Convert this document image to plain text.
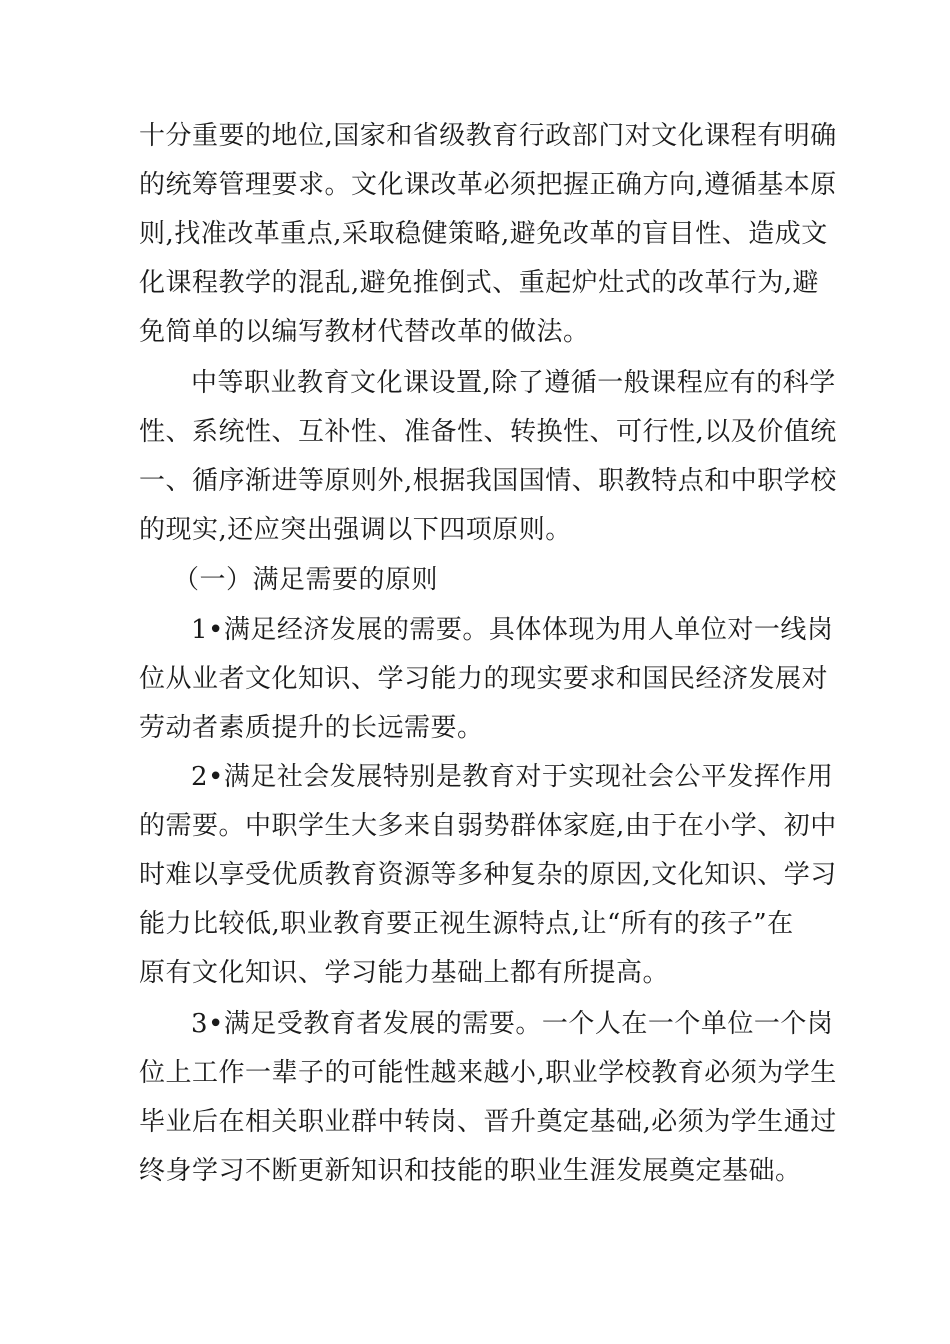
十分重要的地位,国家和省级教育行政部门对文化课程有明确
的统筹管理要求。文化课改革必须把握正确方向,遵循基本原
则,找准改革重点,采取稳健策略,避免改革的盲目性、造成文
化课程教学的混乱,避免推倒式、重起炉灶式的改革行为,避
免简单的以编写教材代替改革的做法。
中等职业教育文化课设置,除了遵循一般课程应有的科学
性、系统性、互补性、准备性、转换性、可行性,以及价值统
一、循序渐进等原则外,根据我国国情、职教特点和中职学校
的现实,还应突出强调以下四项原则。
（一）满足需要的原则
1•满足经济发展的需要。具体体现为用人单位对一线岗
位从业者文化知识、学习能力的现实要求和国民经济发展对
劳动者素质提升的长远需要。
2•满足社会发展特别是教育对于实现社会公平发挥作用
的需要。中职学生大多来自弱势群体家庭,由于在小学、初中
时难以享受优质教育资源等多种复杂的原因,文化知识、学习
能力比较低,职业教育要正视生源特点,让“所有的孩子”在
原有文化知识、学习能力基础上都有所提高。
3•满足受教育者发展的需要。一个人在一个单位一个岗
位上工作一辈子的可能性越来越小,职业学校教育必须为学生
毕业后在相关职业群中转岗、晋升奠定基础,必须为学生通过
终身学习不断更新知识和技能的职业生涯发展奠定基础。
